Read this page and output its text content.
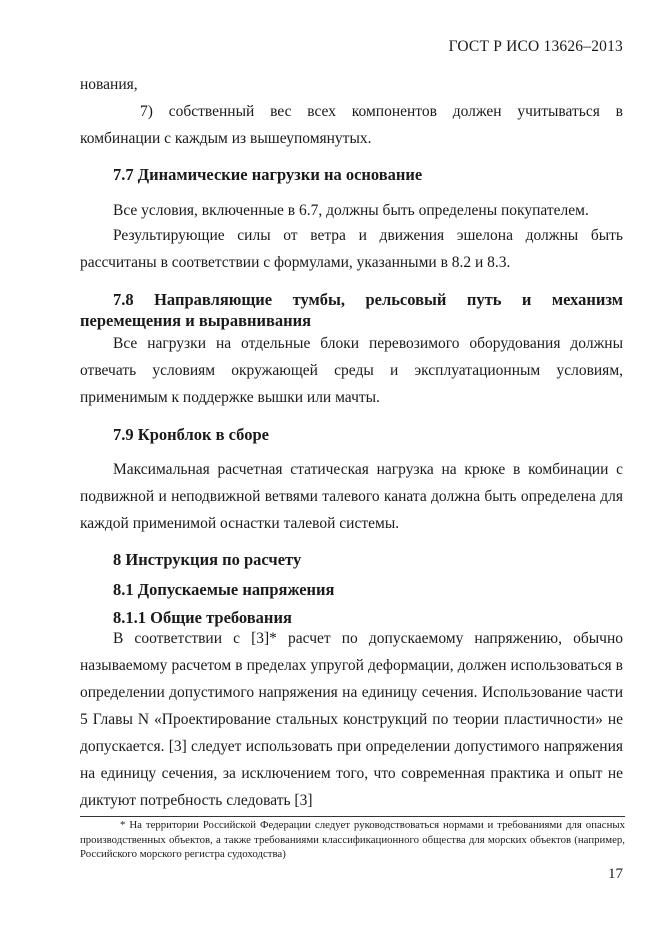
ГОСТ Р ИСО 13626–2013
нования,
7) собственный вес всех компонентов должен учитываться в комбинации с каждым из вышеупомянутых.
7.7 Динамические нагрузки на основание
Все условия, включенные в 6.7, должны быть определены покупателем.
Результирующие силы от ветра и движения эшелона должны быть рассчитаны в соответствии с формулами, указанными в 8.2 и 8.3.
7.8 Направляющие тумбы, рельсовый путь и механизм перемещения и выравнивания
Все нагрузки на отдельные блоки перевозимого оборудования должны отвечать условиям окружающей среды и эксплуатационным условиям, применимым к поддержке вышки или мачты.
7.9 Кронблок в сборе
Максимальная расчетная статическая нагрузка на крюке в комбинации с подвижной и неподвижной ветвями талевого каната должна быть определена для каждой применимой оснастки талевой системы.
8 Инструкция по расчету
8.1 Допускаемые напряжения
8.1.1 Общие требования
В соответствии с [3]* расчет по допускаемому напряжению, обычно называемому расчетом в пределах упругой деформации, должен использоваться в определении допустимого напряжения на единицу сечения. Использование части 5 Главы N «Проектирование стальных конструкций по теории пластичности» не допускается. [3] следует использовать при определении допустимого напряжения на единицу сечения, за исключением того, что современная практика и опыт не диктуют потребность следовать [3]
* На территории Российской Федерации следует руководствоваться нормами и требованиями для опасных производственных объектов, а также требованиями классификационного общества для морских объектов (например, Российского морского регистра судоходства)
17
